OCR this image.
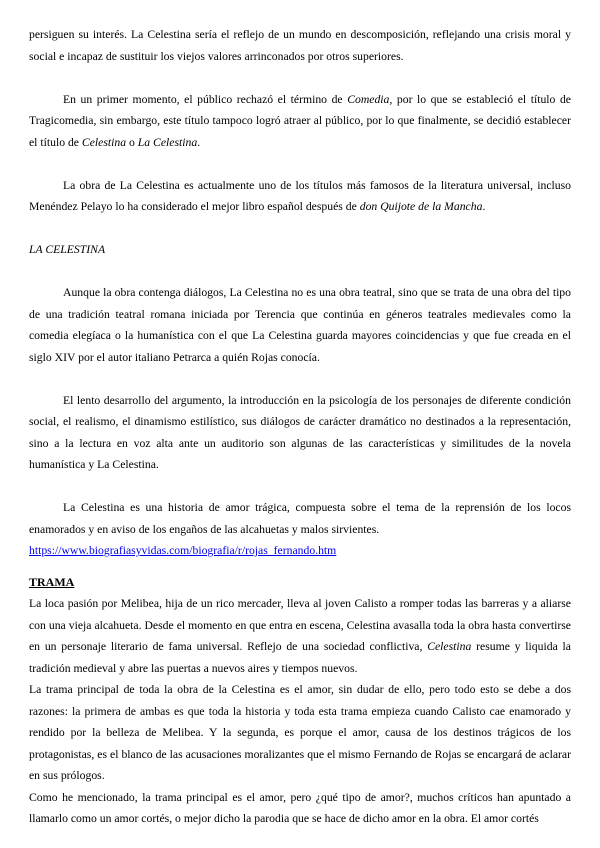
persiguen su interés. La Celestina sería el reflejo de un mundo en descomposición, reflejando una crisis moral y social e incapaz de sustituir los viejos valores arrinconados por otros superiores.

En un primer momento, el público rechazó el término de Comedia, por lo que se estableció el título de Tragicomedia, sin embargo, este título tampoco logró atraer al público, por lo que finalmente, se decidió establecer el título de Celestina o La Celestina.

La obra de La Celestina es actualmente uno de los títulos más famosos de la literatura universal, incluso Menéndez Pelayo lo ha considerado el mejor libro español después de don Quijote de la Mancha.

LA CELESTINA

Aunque la obra contenga diálogos, La Celestina no es una obra teatral, sino que se trata de una obra del tipo de una tradición teatral romana iniciada por Terencia que continúa en géneros teatrales medievales como la comedia elegíaca o la humanística con el que La Celestina guarda mayores coincidencias y que fue creada en el siglo XIV por el autor italiano Petrarca a quién Rojas conocía.

El lento desarrollo del argumento, la introducción en la psicología de los personajes de diferente condición social, el realismo, el dinamismo estilístico, sus diálogos de carácter dramático no destinados a la representación, sino a la lectura en voz alta ante un auditorio son algunas de las características y similitudes de la novela humanística y La Celestina.

La Celestina es una historia de amor trágica, compuesta sobre el tema de la reprensión de los locos enamorados y en aviso de los engaños de las alcahuetas y malos sirvientes.

https://www.biografiasyvidas.com/biografia/r/rojas_fernando.htm

TRAMA

La loca pasión por Melibea, hija de un rico mercader, lleva al joven Calisto a romper todas las barreras y a aliarse con una vieja alcahueta. Desde el momento en que entra en escena, Celestina avasalla toda la obra hasta convertirse en un personaje literario de fama universal. Reflejo de una sociedad conflictiva, Celestina resume y liquida la tradición medieval y abre las puertas a nuevos aires y tiempos nuevos.

La trama principal de toda la obra de la Celestina es el amor, sin dudar de ello, pero todo esto se debe a dos razones: la primera de ambas es que toda la historia y toda esta trama empieza cuando Calisto cae enamorado y rendido por la belleza de Melibea. Y la segunda, es porque el amor, causa de los destinos trágicos de los protagonistas, es el blanco de las acusaciones moralizantes que el mismo Fernando de Rojas se encargará de aclarar en sus prólogos.

Como he mencionado, la trama principal es el amor, pero ¿qué tipo de amor?, muchos críticos han apuntado a llamarlo como un amor cortés, o mejor dicho la parodia que se hace de dicho amor en la obra. El amor cortés
